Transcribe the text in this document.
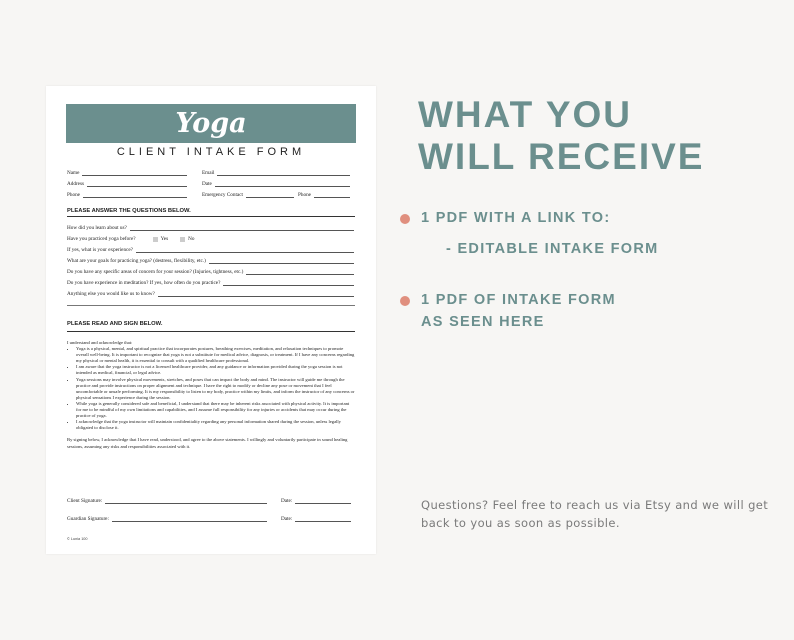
Yoga
CLIENT INTAKE FORM
Name	Email
Address	Date
Phone	Emergency Contact	Phone
PLEASE ANSWER THE QUESTIONS BELOW.
How did you learn about us?
Have you practiced yoga before?	Yes	No
If yes, what is your experience?
What are your goals for practicing yoga? (destress, flexibility, etc.)
Do you have any specific areas of concern for your session? (Injuries, tightness, etc.)
Do you have experience in meditation? If yes, how often do you practice?
Anything else you would like us to know?
PLEASE READ AND SIGN BELOW.
I understand and acknowledge that:
• Yoga is a physical, mental, and spiritual practice that incorporates postures, breathing exercises, meditation, and relaxation techniques to promote overall well-being. It is important to recognize that yoga is not a substitute for medical advice, diagnosis, or treatment. If I have any concerns regarding my physical or mental health, it is essential to consult with a qualified healthcare professional.
• I am aware that the yoga instructor is not a licensed healthcare provider, and any guidance or information provided during the yoga session is not intended as medical, financial, or legal advice.
• Yoga sessions may involve physical movements, stretches, and poses that can impact the body and mind. The instructor will guide me through the practice and provide instructions on proper alignment and technique. I have the right to modify or decline any pose or movement that I feel uncomfortable or unsafe performing. It is my responsibility to listen to my body, practice within my limits, and inform the instructor of any concerns or physical sensations I experience during the session.
• While yoga is generally considered safe and beneficial, I understand that there may be inherent risks associated with physical activity. It is important for me to be mindful of my own limitations and capabilities, and I assume full responsibility for any injuries or accidents that may occur during the practice of yoga.
• I acknowledge that the yoga instructor will maintain confidentiality regarding any personal information shared during the session, unless legally obligated to disclose it.
By signing below, I acknowledge that I have read, understood, and agree to the above statements. I willingly and voluntarily participate in sound healing sessions, assuming any risks and responsibilities associated with it.
Client Signature:	Date:
Guardian Signature:	Date:
© Lunia 100
WHAT YOU
WILL RECEIVE
1 PDF WITH A LINK TO:
- EDITABLE INTAKE FORM
1 PDF OF INTAKE FORM
AS SEEN HERE
Questions? Feel free to reach us via Etsy and we will get back to you as soon as possible.
